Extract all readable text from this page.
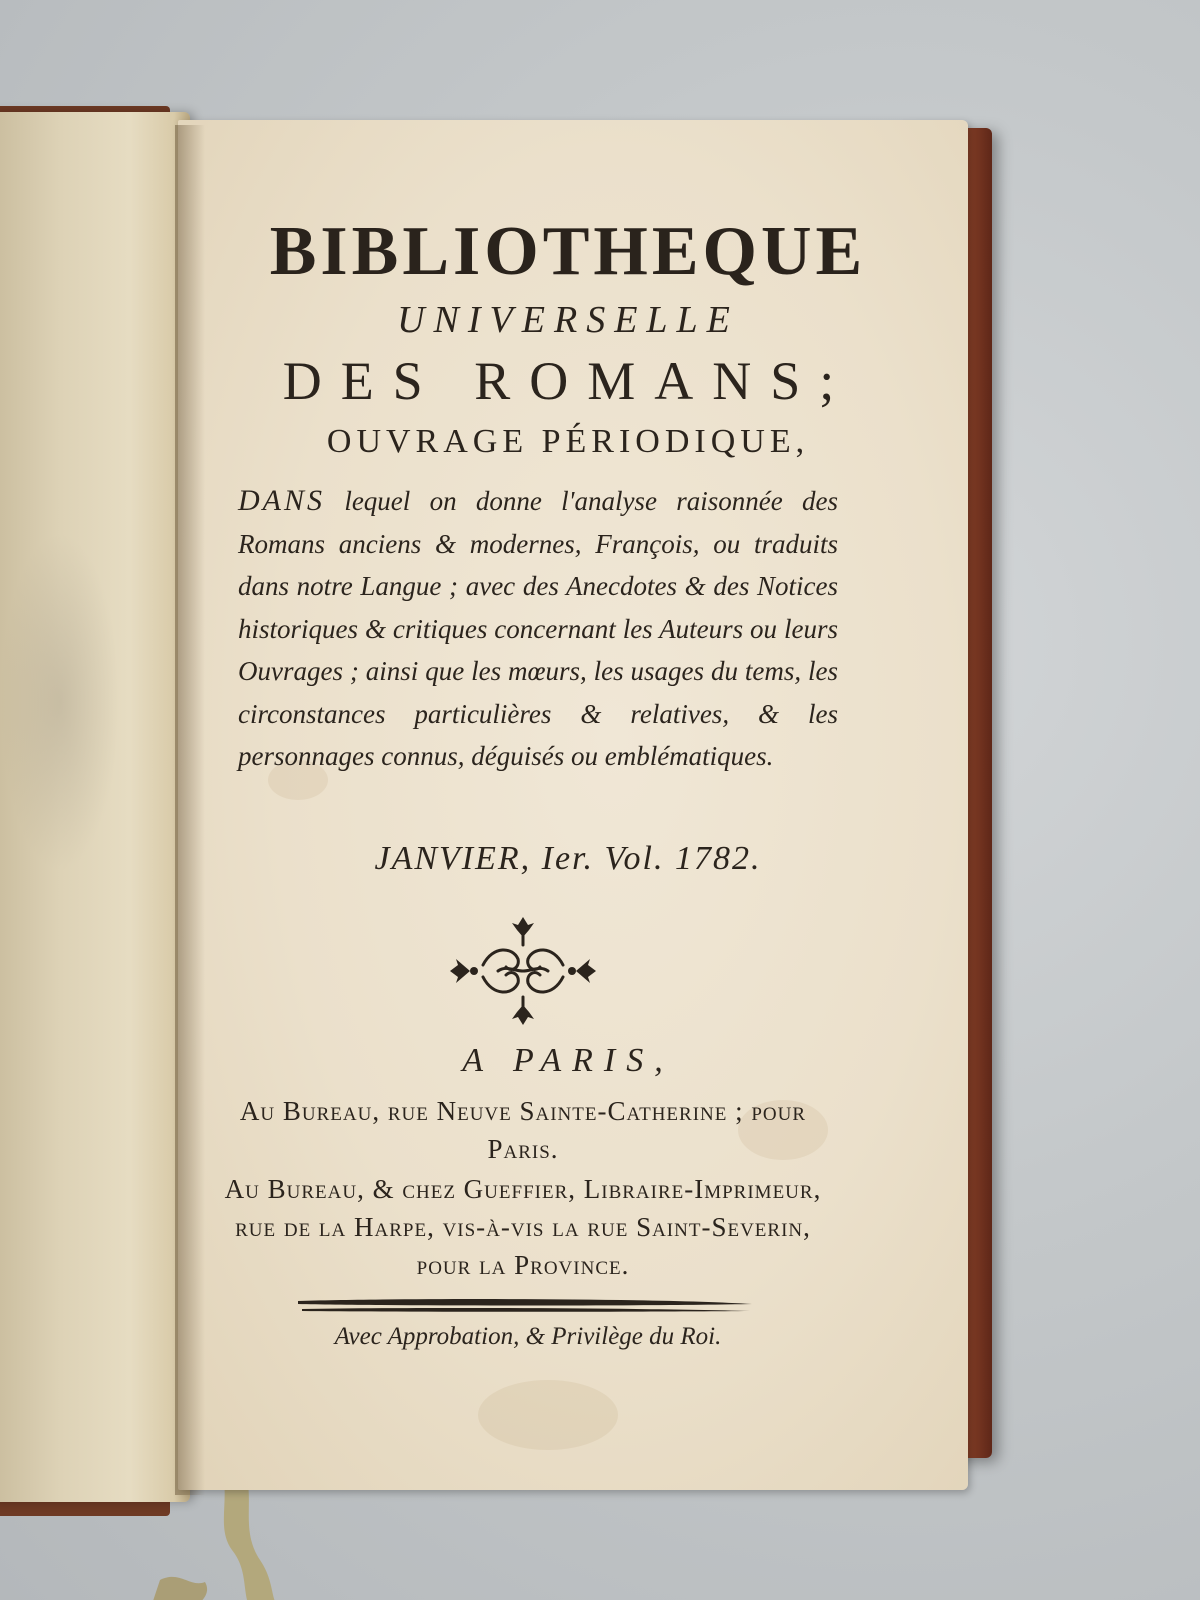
BIBLIOTHEQUE
UNIVERSELLE
DES ROMANS;
OUVRAGE PÉRIODIQUE,
DANS lequel on donne l'analyse raisonnée des Romans anciens & modernes, François, ou traduits dans notre Langue ; avec des Anecdotes & des Notices historiques & critiques concernant les Auteurs ou leurs Ouvrages ; ainsi que les mœurs, les usages du tems, les circonstances particulières & relatives, & les personnages connus, déguisés ou emblématiques.
JANVIER, Ier. Vol. 1782.
A PARIS,
Au Bureau, rue Neuve Sainte-Catherine ; pour Paris.
Au Bureau, & chez Gueffier, Libraire-Imprimeur, rue de la Harpe, vis-à-vis la rue Saint-Severin, pour la Province.
Avec Approbation, & Privilège du Roi.
